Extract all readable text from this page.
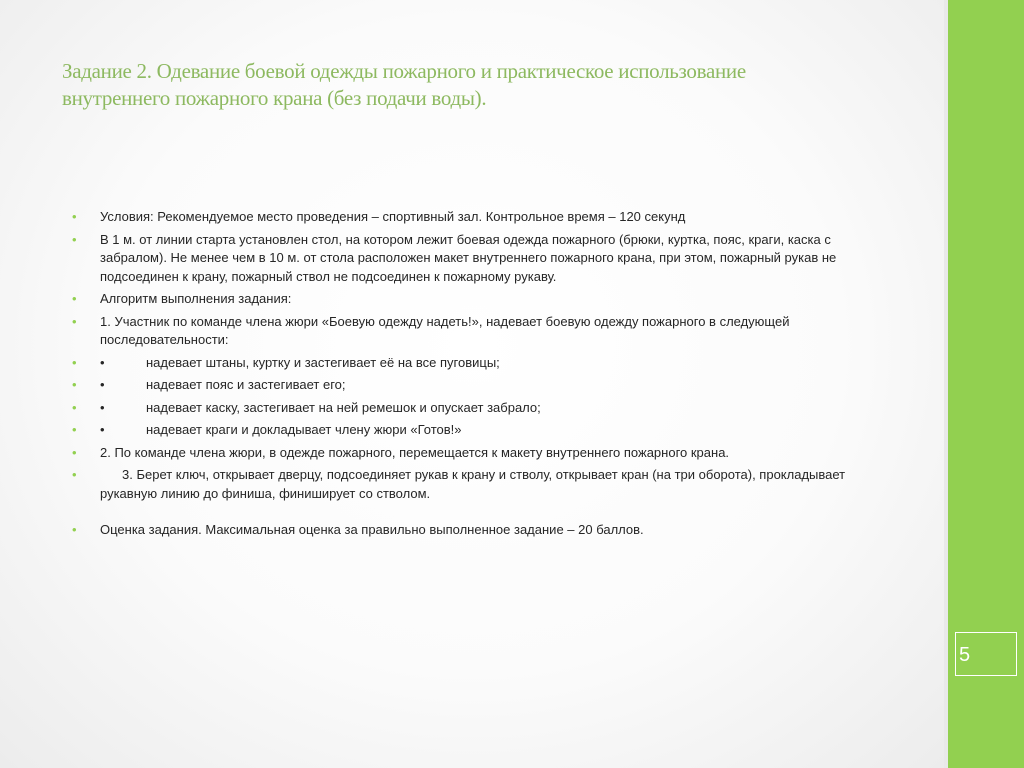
5
Задание 2. Одевание боевой одежды пожарного и практическое использование внутреннего пожарного крана (без подачи воды).
• Условия: Рекомендуемое место проведения – спортивный зал. Контрольное время – 120 секунд
• В 1 м. от линии старта установлен стол, на котором лежит боевая одежда пожарного (брюки, куртка, пояс, краги, каска с забралом). Не менее чем в 10 м. от стола расположен макет внутреннего пожарного крана, при этом, пожарный рукав не подсоединен к крану, пожарный ствол не подсоединен к пожарному рукаву.
• Алгоритм выполнения задания:
• 1. Участник по команде члена жюри «Боевую одежду надеть!», надевает боевую одежду пожарного в следующей последовательности:
• •	надевает штаны, куртку и застегивает её на все пуговицы;
• •	надевает пояс и застегивает его;
• •	надевает каску, застегивает на ней ремешок и опускает забрало;
• •	надевает краги и докладывает члену жюри «Готов!»
• 2. По команде члена жюри, в одежде пожарного, перемещается к макету внутреннего пожарного крана.
•	3. Берет ключ, открывает дверцу, подсоединяет рукав к крану и стволу, открывает кран (на три оборота), прокладывает рукавную линию до финиша, финиширует со стволом.
• Оценка задания. Максимальная оценка за правильно выполненное задание – 20 баллов.
